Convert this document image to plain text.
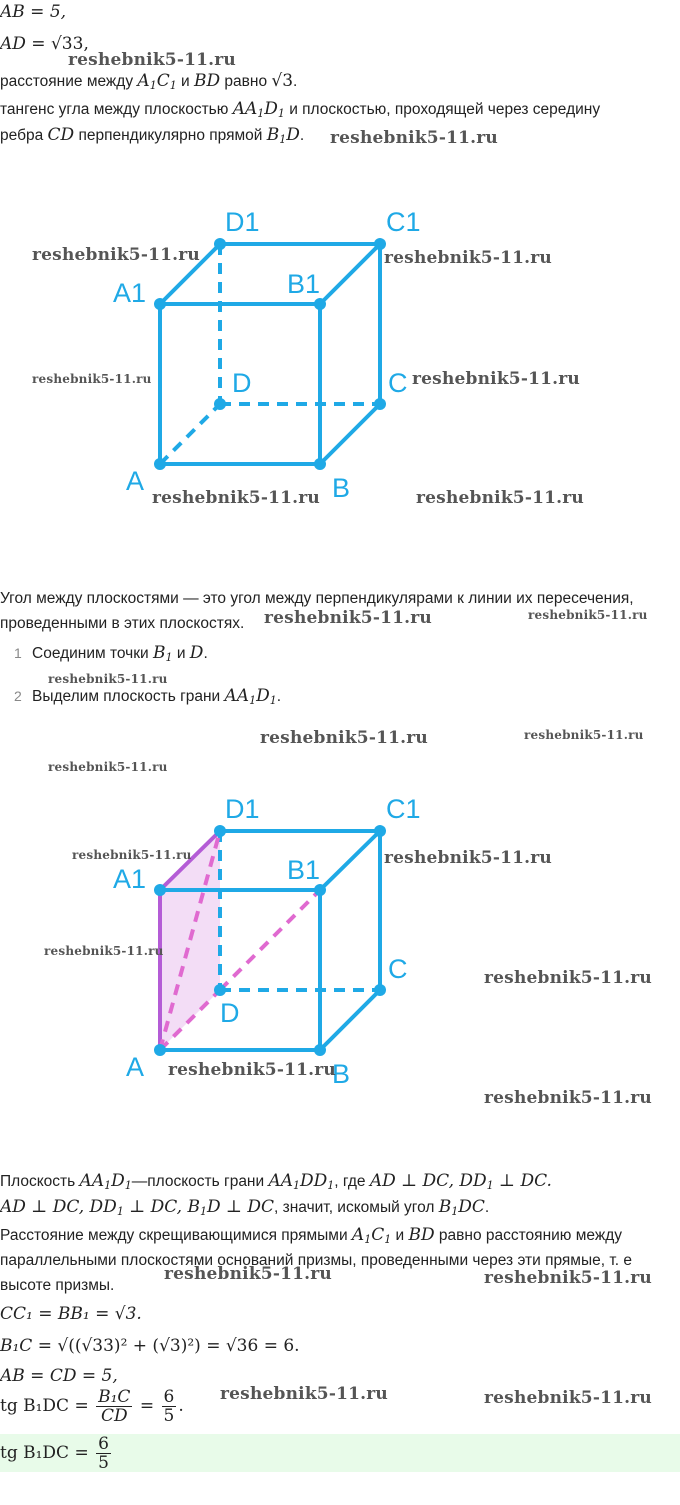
AB = 5,
AD = √33,
расстояние между $A_1C_1$ и BD равно √3.
тангенс угла между плоскостью $AA_1D_1$ и плоскостью, проходящей через середину
ребра CD перпендикулярно прямой $B_1D$.
D1	C1
A1	B1
D	C
A	B
Угол между плоскостями — это угол между перпендикулярами к линии их пересечения,
проведенными в этих плоскостях.
1 Соединим точки $B_1$ и D.
2 Выделим плоскость грани $AA_1D_1$.
D1	C1
A1	B1
D
C
A	B
Плоскость $AA_1D_1—плоскость$ грани $AA_1DD_1$, где AD ⊥ DC, $DD_1$ ⊥ DC.
AD ⊥ DC, $DD_1$ ⊥ DC, $B_1D$ ⊥ DC, значит, искомый угол $B_1DC$.
Расстояние между скрещивающимися прямыми $A_1C_1$ и BD равно расстоянию между
параллельными плоскостями оснований призмы, проведенными через эти прямые, т. е
высоте призмы.
CC₁ = BB₁ = √3.
B₁C = √((√33)² + (√3)²) = √36 = 6.
AB = CD = 5,
tg $B_1DC = \frac{\text{B₁C}}{CD} = \frac{6}{5}$ .
tg $B_1DC = \frac{6}{5}$
reshebnik5-11.ru
reshebnik5-11.ru
reshebnik5-11.ru	reshebnik5-11.ru
reshebnik5-11.ru	reshebnik5-11.ru
reshebnik5-11.ru	reshebnik5-11.ru
reshebnik5-11.ru	reshebnik5-11.ru
reshebnik5-11.ru
reshebnik5-11.ru	reshebnik5-11.ru
reshebnik5-11.ru
reshebnik5-11.ru	reshebnik5-11.ru
reshebnik5-11.ru
reshebnik5-11.ru
reshebnik5-11.ru
reshebnik5-11.ru
reshebnik5-11.ru	reshebnik5-11.ru
reshebnik5-11.ru	reshebnik5-11.ru
